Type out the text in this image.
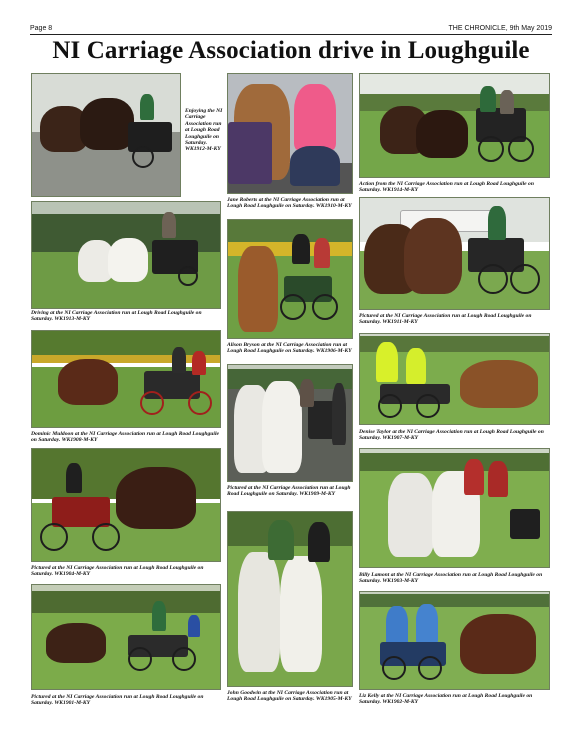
Page 8	THE CHRONICLE, 9th May 2019
NI Carriage Association drive in Loughguile
Enjoying the NI Carriage Association run at Lough Road Loughguile on Saturday. WK1912-M-KY
Driving at the NI Carriage Association run at Lough Road Loughguile on Saturday. WK1913-M-KY
Dominic Muldoon at the NI Carriage Association run at Lough Road Loughguile on Saturday. WK1908-M-KY
Pictured at the NI Carriage Association run at Lough Road Loughguile on Saturday. WK1904-M-KY
Pictured at the NI Carriage Association run at Lough Road Loughguile on Saturday. WK1901-M-KY
Jane Roberts at the NI Carriage Association run at Lough Road Loughguile on Saturday. WK1910-M-KY
Alison Bryson at the NI Carriage Association run at Lough Road Loughguile on Saturday. WK1906-M-KY
Pictured at the NI Carriage Association run at Lough Road Loughguile on Saturday. WK1909-M-KY
John Goodwin at the NI Carriage Association run at Lough Road Loughguile on Saturday. WK1905-M-KY
Action from the NI Carriage Association run at Lough Road Loughguile on Saturday. WK1914-M-KY
Pictured at the NI Carriage Association run at Lough Road Loughguile on Saturday. WK1911-M-KY
Denise Taylor at the NI Carriage Association run at Lough Road Loughguile on Saturday. WK1907-M-KY
Billy Lamont at the NI Carriage Association run at Lough Road Loughguile on Saturday. WK1903-M-KY
Liz Kelly at the NI Carriage Association run at Lough Road Loughguile on Saturday. WK1902-M-KY
